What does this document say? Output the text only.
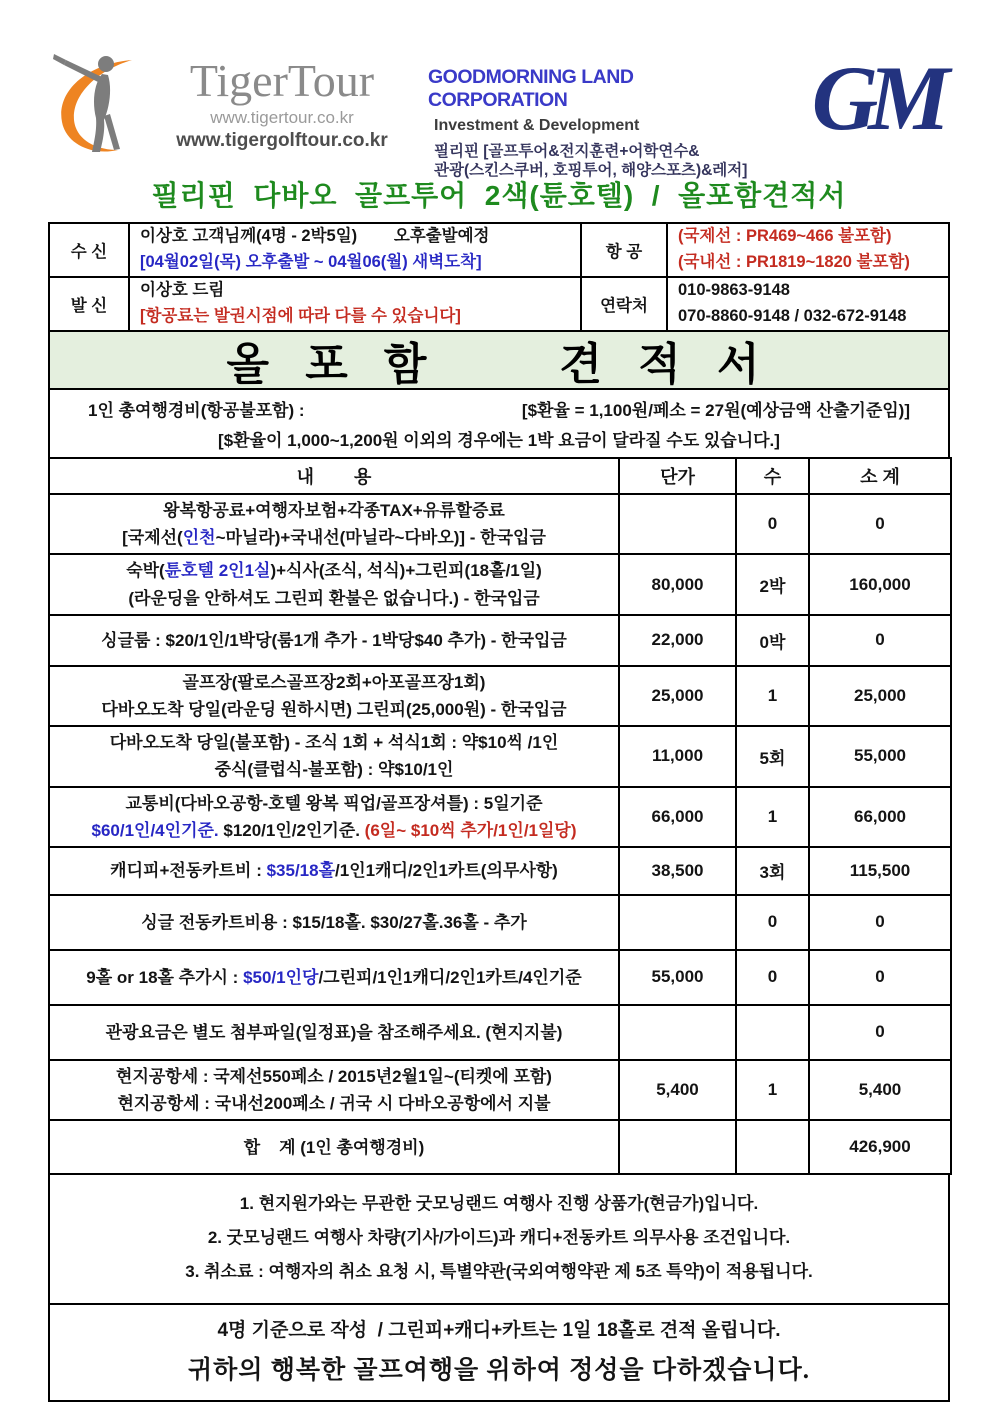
TigerTour
www.tigertour.co.kr
www.tigergolftour.co.kr
GOODMORNING LAND CORPORATION
Investment & Development
필리핀 [골프투어&전지훈련+어학연수&
관광(스킨스쿠버, 호핑투어, 해양스포츠)&레저]
GM
필리핀  다바오  골프투어  2색(튠호텔)  /  올포함견적서
수 신	
이상호 고객님께(4명 - 2박5일)        오후출발예정
[04월02일(목) 오후출발 ~ 04월06(월) 새벽도착]
	항 공	
(국제선 : PR469~466 불포함)
(국내선 : PR1819~1820 불포함)

발 신	
이상호 드림
[항공료는 발권시점에 따라 다를 수 있습니다]
	연락처	
010-9863-9148
070-8860-9148 / 032-672-9148
올 포 함     견 적 서
1인 총여행경비(항공불포함) :	[$환율 = 1,100원/페소 = 27원(예상금액 산출기준임)]
[$환율이 1,000~1,200원 이외의 경우에는 1박 요금이 달라질 수도 있습니다.]
내        용	단가	수	소 계

왕복항공료+여행자보험+각종TAX+유류할증료
[국제선(인천~마닐라)+국내선(마닐라~다바오)] - 한국입금		0	0

숙박(튠호텔 2인1실)+식사(조식, 석식)+그린피(18홀/1일)
(라운딩을 안하셔도 그린피 환불은 없습니다.) - 한국입금	80,000	2박	160,000

싱글룸 : $20/1인/1박당(룸1개 추가 - 1박당$40 추가) - 한국입금	22,000	0박	0

골프장(팔로스골프장2회+아포골프장1회)
다바오도착 당일(라운딩 원하시면) 그린피(25,000원) - 한국입금	25,000	1	25,000

다바오도착 당일(불포함) - 조식 1회 + 석식1회 : 약$10씩 /1인
중식(클럽식-불포함) : 약$10/1인	11,000	5회	55,000

교통비(다바오공항-호텔 왕복 픽업/골프장셔틀) : 5일기준
$60/1인/4인기준. $120/1인/2인기준. (6일~ $10씩 추가/1인/1일당)	66,000	1	66,000

캐디피+전동카트비 : $35/18홀/1인1캐디/2인1카트(의무사항)	38,500	3회	115,500

싱글 전동카트비용 : $15/18홀. $30/27홀.36홀 - 추가		0	0

9홀 or 18홀 추가시 : $50/1인당/그린피/1인1캐디/2인1카트/4인기준	55,000	0	0

관광요금은 별도 첨부파일(일정표)을 참조해주세요. (현지지불)			0

현지공항세 : 국제선550페소 / 2015년2월1일~(티켓에 포함)
현지공항세 : 국내선200페소 / 귀국 시 다바오공항에서 지불	5,400	1	5,400

합    계 (1인 총여행경비)			426,900
1. 현지원가와는 무관한 굿모닝랜드 여행사 진행 상품가(현금가)입니다.
2. 굿모닝랜드 여행사 차량(기사/가이드)과 캐디+전동카트 의무사용 조건입니다.
3. 취소료 : 여행자의 취소 요청 시, 특별약관(국외여행약관 제 5조 특약)이 적용됩니다.
4명 기준으로 작성  / 그린피+캐디+카트는 1일 18홀로 견적 올립니다.
귀하의 행복한 골프여행을 위하여 정성을 다하겠습니다.
